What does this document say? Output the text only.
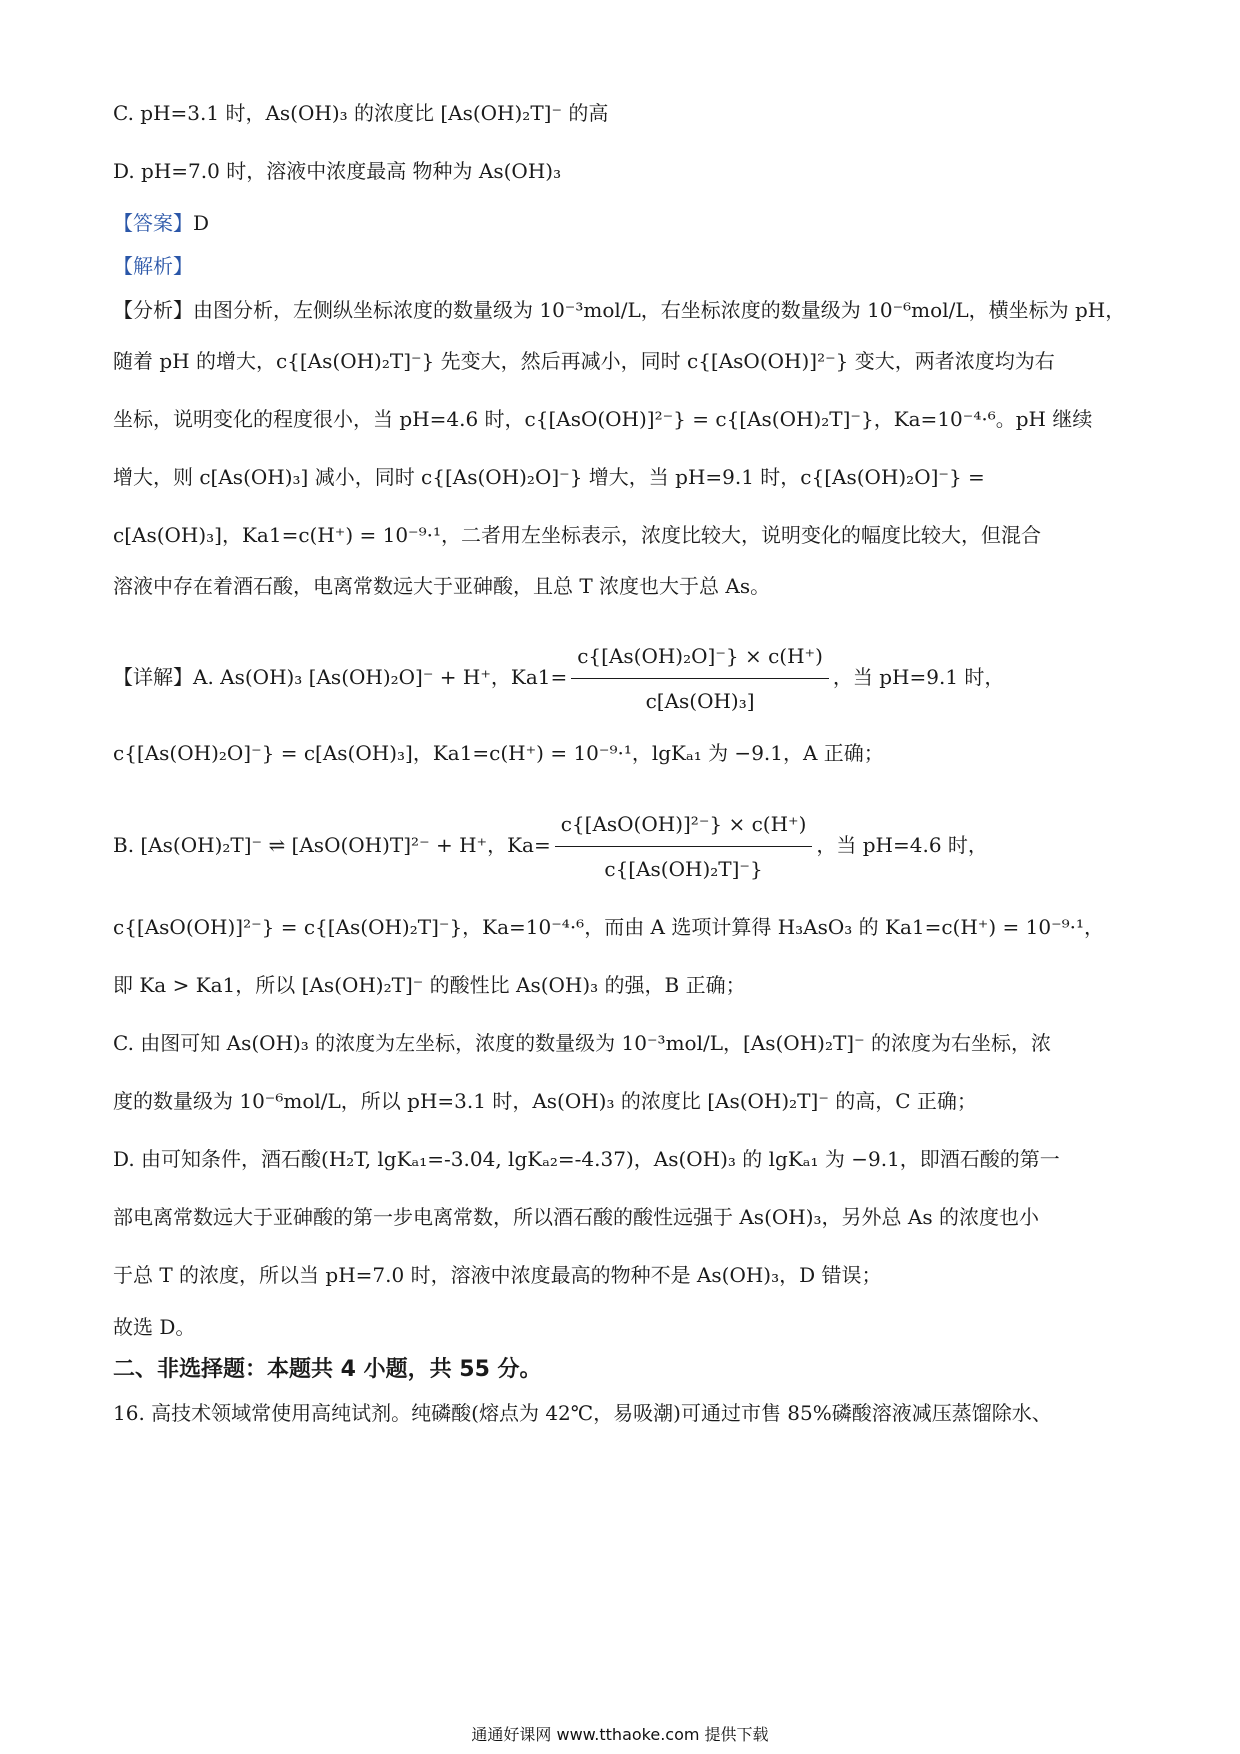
C. pH=3.1 时，As(OH)₃ 的浓度比 [As(OH)₂T]⁻ 的高
D. pH=7.0 时，溶液中浓度最高 物种为 As(OH)₃
【答案】D
【解析】
【分析】由图分析，左侧纵坐标浓度的数量级为 10⁻³mol/L，右坐标浓度的数量级为 10⁻⁶mol/L，横坐标为 pH，
随着 pH 的增大，c{[As(OH)₂T]⁻} 先变大，然后再减小，同时 c{[AsO(OH)]²⁻} 变大，两者浓度均为右
坐标，说明变化的程度很小，当 pH=4.6 时，c{[AsO(OH)]²⁻} = c{[As(OH)₂T]⁻}，Ka=10⁻⁴·⁶。pH 继续
增大，则 c[As(OH)₃] 减小，同时 c{[As(OH)₂O]⁻} 增大，当 pH=9.1 时，c{[As(OH)₂O]⁻} =
c[As(OH)₃]，Ka1=c(H⁺) = 10⁻⁹·¹，二者用左坐标表示，浓度比较大，说明变化的幅度比较大，但混合
溶液中存在着酒石酸，电离常数远大于亚砷酸，且总 T 浓度也大于总 As。
【详解】A. As(OH)₃ [As(OH)₂O]⁻ + H⁺，$Ka1= \frac{\text{c\{[As(OH)₂O]⁻\} × c(H⁺)}}{\text{c[As(OH)₃]}}$ ，当 pH=9.1 时，
c{[As(OH)₂O]⁻} = c[As(OH)₃]，Ka1=c(H⁺) = 10⁻⁹·¹，lgKₐ₁ 为 −9.1，A 正确；
B. [As(OH)₂T]⁻ ⇌ [AsO(OH)T]²⁻ + H⁺，$Ka= \frac{\text{c\{[AsO(OH)]²⁻\} × c(H⁺)}}{\text{c\{[As(OH)₂T]⁻\}}}$ ，当 pH=4.6 时，
c{[AsO(OH)]²⁻} = c{[As(OH)₂T]⁻}，Ka=10⁻⁴·⁶，而由 A 选项计算得 H₃AsO₃ 的 Ka1=c(H⁺) = 10⁻⁹·¹，
即 Ka > Ka1，所以 [As(OH)₂T]⁻ 的酸性比 As(OH)₃ 的强，B 正确；
C. 由图可知 As(OH)₃ 的浓度为左坐标，浓度的数量级为 10⁻³mol/L，[As(OH)₂T]⁻ 的浓度为右坐标，浓
度的数量级为 10⁻⁶mol/L，所以 pH=3.1 时，As(OH)₃ 的浓度比 [As(OH)₂T]⁻ 的高，C 正确；
D. 由可知条件，酒石酸(H₂T, lgKₐ₁=-3.04, lgKₐ₂=-4.37)，As(OH)₃ 的 lgKₐ₁ 为 −9.1，即酒石酸的第一
部电离常数远大于亚砷酸的第一步电离常数，所以酒石酸的酸性远强于 As(OH)₃，另外总 As 的浓度也小
于总 T 的浓度，所以当 pH=7.0 时，溶液中浓度最高的物种不是 As(OH)₃，D 错误；
故选 D。
二、非选择题：本题共 4 小题，共 55 分。
16. 高技术领域常使用高纯试剂。纯磷酸(熔点为 42℃，易吸潮)可通过市售 85%磷酸溶液减压蒸馏除水、
通通好课网 www.tthaoke.com 提供下载
